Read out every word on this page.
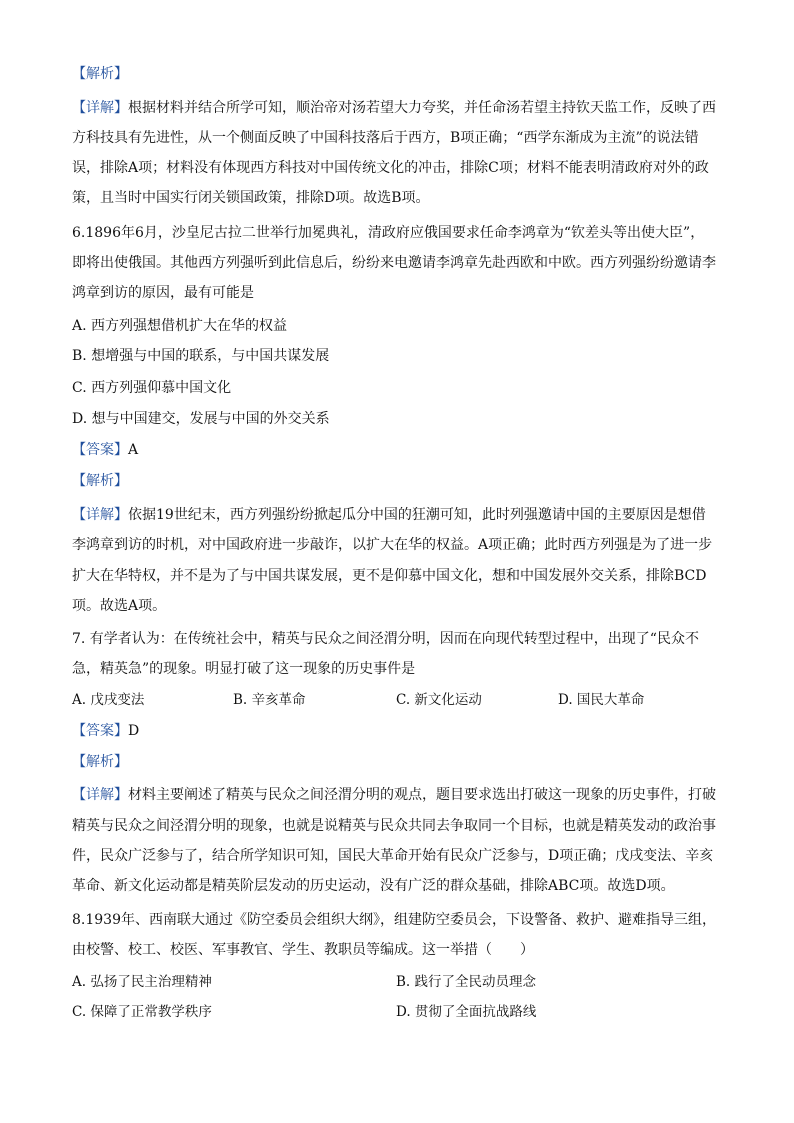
【解析】
【详解】根据材料并结合所学可知，顺治帝对汤若望大力夸奖，并任命汤若望主持钦天监工作，反映了西
方科技具有先进性，从一个侧面反映了中国科技落后于西方，B项正确；“西学东渐成为主流”的说法错
误，排除A项；材料没有体现西方科技对中国传统文化的冲击，排除C项；材料不能表明清政府对外的政
策，且当时中国实行闭关锁国政策，排除D项。故选B项。
6.1896年6月，沙皇尼古拉二世举行加冕典礼，清政府应俄国要求任命李鸿章为“钦差头等出使大臣”，
即将出使俄国。其他西方列强听到此信息后，纷纷来电邀请李鸿章先赴西欧和中欧。西方列强纷纷邀请李
鸿章到访的原因，最有可能是
A. 西方列强想借机扩大在华的权益
B. 想增强与中国的联系，与中国共谋发展
C. 西方列强仰慕中国文化
D. 想与中国建交，发展与中国的外交关系
【答案】A
【解析】
【详解】依据19世纪末，西方列强纷纷掀起瓜分中国的狂潮可知，此时列强邀请中国的主要原因是想借
李鸿章到访的时机，对中国政府进一步敲诈，以扩大在华的权益。A项正确；此时西方列强是为了进一步
扩大在华特权，并不是为了与中国共谋发展，更不是仰慕中国文化，想和中国发展外交关系，排除BCD
项。故选A项。
7. 有学者认为：在传统社会中，精英与民众之间泾渭分明，因而在向现代转型过程中，出现了“民众不
急，精英急”的现象。明显打破了这一现象的历史事件是
A. 戊戌变法	B. 辛亥革命	C. 新文化运动	D. 国民大革命
【答案】D
【解析】
【详解】材料主要阐述了精英与民众之间泾渭分明的观点，题目要求选出打破这一现象的历史事件，打破
精英与民众之间泾渭分明的现象，也就是说精英与民众共同去争取同一个目标，也就是精英发动的政治事
件，民众广泛参与了，结合所学知识可知，国民大革命开始有民众广泛参与，D项正确；戊戌变法、辛亥
革命、新文化运动都是精英阶层发动的历史运动，没有广泛的群众基础，排除ABC项。故选D项。
8.1939年、西南联大通过《防空委员会组织大纲》，组建防空委员会，下设警备、救护、避难指导三组，
由校警、校工、校医、军事教官、学生、教职员等编成。这一举措（　　）
A. 弘扬了民主治理精神	B. 践行了全民动员理念
C. 保障了正常教学秩序	D. 贯彻了全面抗战路线
